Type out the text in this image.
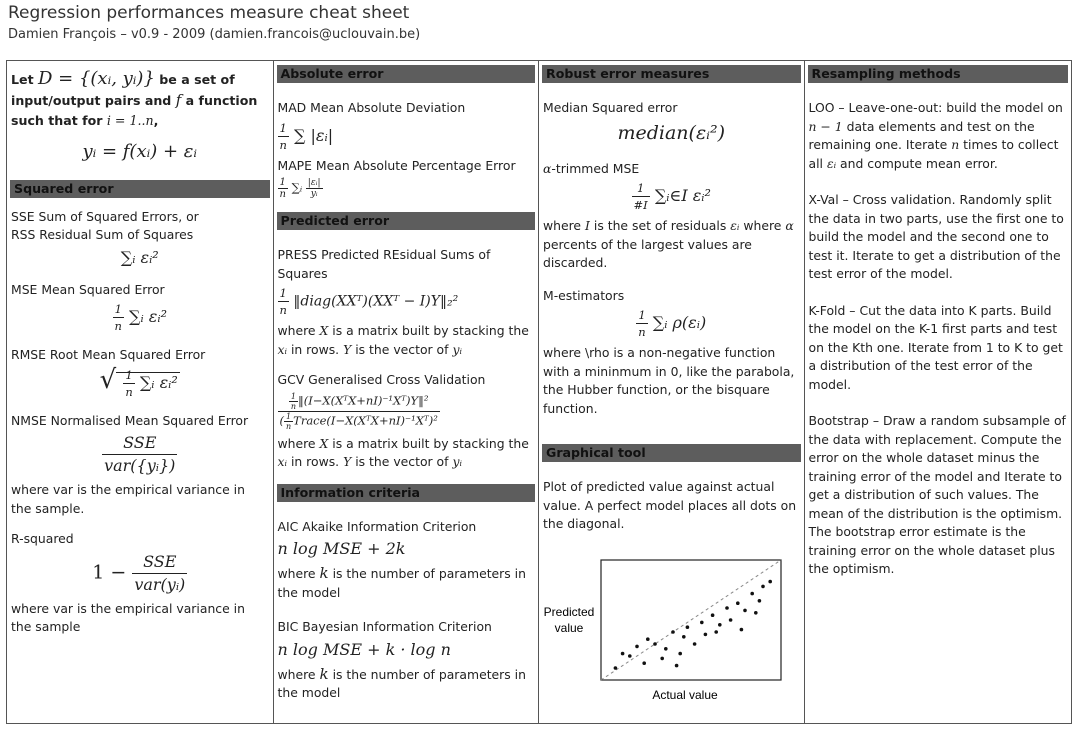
Regression performances measure cheat sheet
Damien François – v0.9 - 2009 (damien.francois@uclouvain.be)
Let D = {(xᵢ, yᵢ)} be a set of input/output pairs and f a function such that for i = 1..n,
yᵢ = f(xᵢ) + εᵢ
Squared error

SSE Sum of Squared Errors, or

RSS Residual Sum of Squares

∑ᵢ εᵢ²

MSE Mean Squared Error

$\frac{1}{n}$ ∑ᵢ εᵢ²

RMSE Root Mean Squared Error

√ $\frac{1}{n}$ ∑ᵢ εᵢ²

NMSE Normalised Mean Squared Error

$\frac{\text{SSE}}{\text{var(\{yᵢ\})}}$

where var is the empirical variance in the sample.

R-squared

$1 - \frac{\text{SSE}}{\text{var(yᵢ)}}$

where var is the empirical variance in the sample

Absolute error

MAD Mean Absolute Deviation

$\frac{1}{n}$ ∑ |εᵢ|

MAPE Mean Absolute Percentage Error

$\frac{1}{n}$ ∑ᵢ $\frac{\text{|εᵢ|}}{\text{yᵢ}}$
Predicted error

PRESS Predicted REsidual Sums of Squares

$\frac{1}{n}$ ‖diag(XXᵀ)(XXᵀ − I)Y‖₂²

where X is a matrix built by stacking the xᵢ in rows. Y is the vector of yᵢ

GCV Generalised Cross Validation

$\frac{\frac{1}{n} ‖(I-X(XᵀX+nI)^{-1}Xᵀ)Y‖^2}{( \frac{1}{n} Trace(I-X(XᵀX+nI)^{-1}Xᵀ)^2}$

where X is a matrix built by stacking the xᵢ in rows. Y is the vector of yᵢ

Information criteria

AIC Akaike Information Criterion

n log MSE + 2k

where k is the number of parameters in the model

BIC Bayesian Information Criterion

n log MSE + k · log n

where k is the number of parameters in the model

Robust error measures

Median Squared error

median(εᵢ²)

α-trimmed MSE

$\frac{1}{\#I}$ ∑ᵢ∈I εᵢ²

where I is the set of residuals εᵢ where α percents of the largest values are discarded.

M-estimators

$\frac{1}{n}$ ∑ᵢ ρ(εᵢ)

where \rho is a non-negative function with a mininmum in 0, like the parabola, the Hubber function, or the bisquare function.

Graphical tool

Plot of predicted value against actual value. A perfect model places all dots on the diagonal.

Predicted
value
Actual value
Resampling methods

LOO – Leave-one-out: build the model on n − 1 data elements and test on the remaining one. Iterate n times to collect all εᵢ and compute mean error.

X-Val – Cross validation. Randomly split the data in two parts, use the first one to build the model and the second one to test it. Iterate to get a distribution of the test error of the model.

K-Fold – Cut the data into K parts. Build the model on the K-1 first parts and test on the Kth one. Iterate from 1 to K to get a distribution of the test error of the model.

Bootstrap – Draw a random subsample of the data with replacement. Compute the error on the whole dataset minus the training error of the model and Iterate to get a distribution of such values. The mean of the distribution is the optimism. The bootstrap error estimate is the training error on the whole dataset plus the optimism.
